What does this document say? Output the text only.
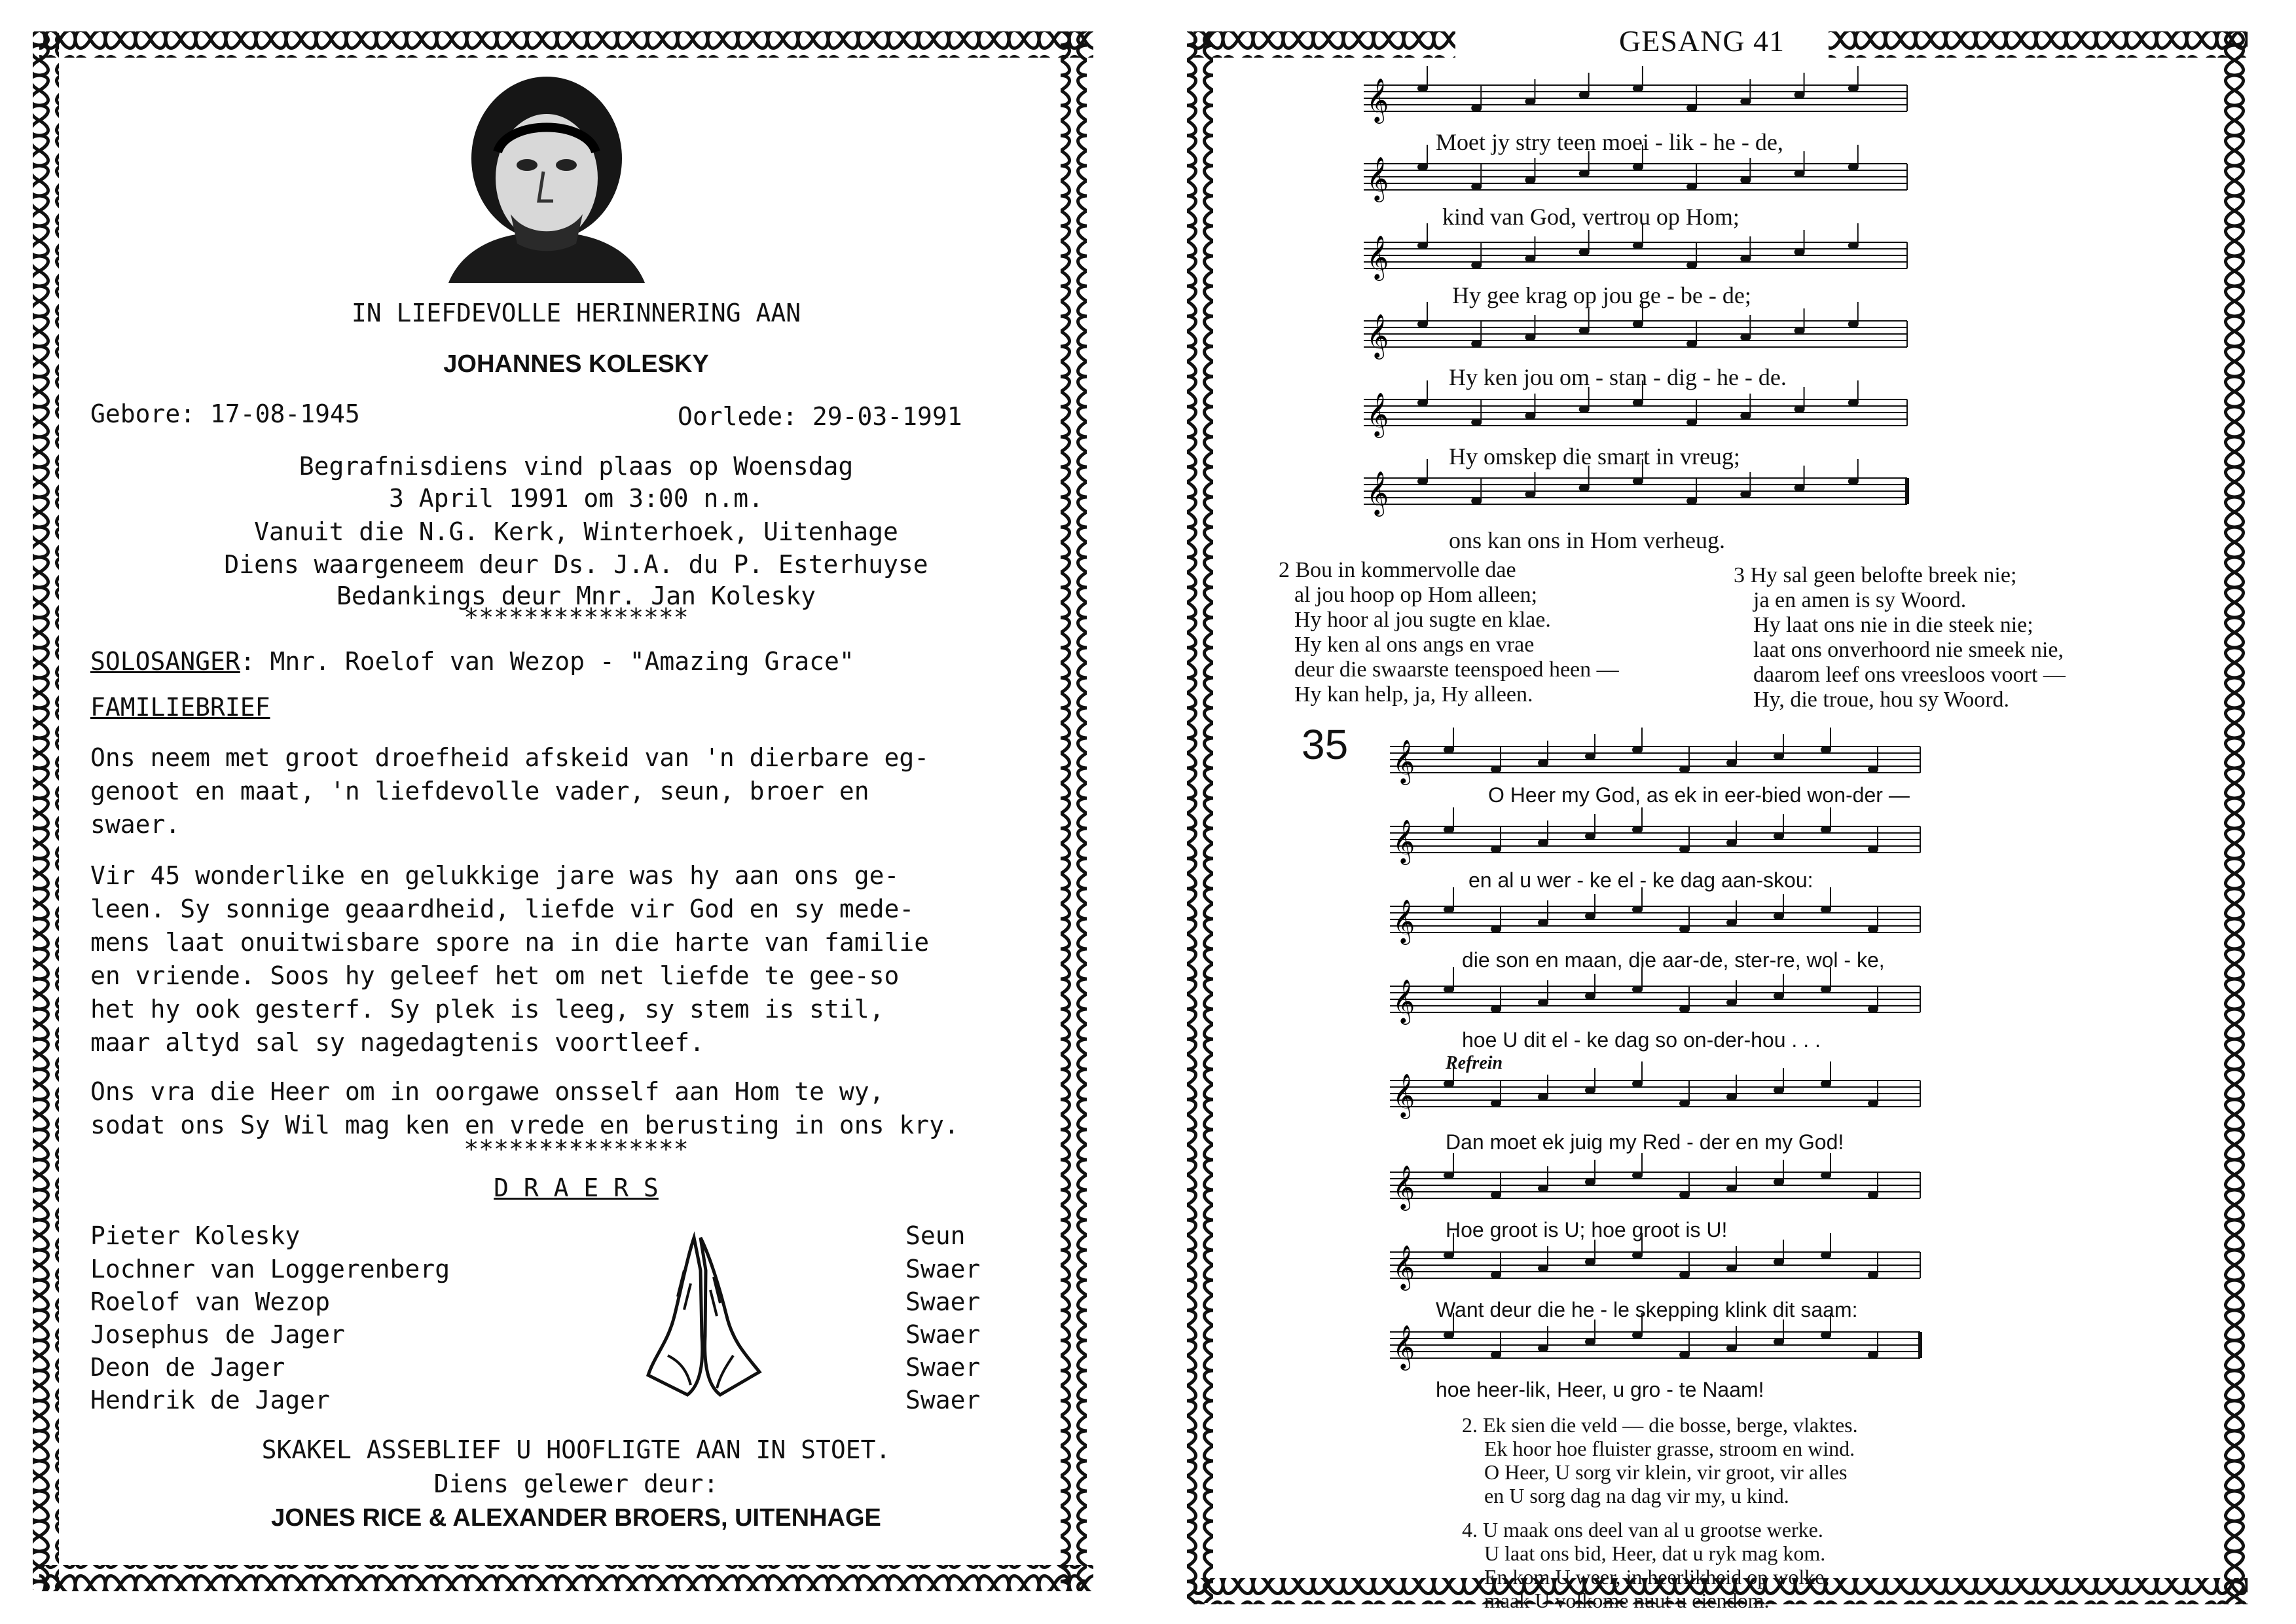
IN LIEFDEVOLLE HERINNERING AAN
JOHANNES KOLESKY
Gebore: 17-08-1945	Oorlede: 29-03-1991
Begrafnisdiens vind plaas op Woensdag
3 April 1991 om 3:00 n.m.
Vanuit die N.G. Kerk, Winterhoek, Uitenhage
Diens waargeneem deur Ds. J.A. du P. Esterhuyse
Bedankings deur Mnr. Jan Kolesky
***************
SOLOSANGER: Mnr. Roelof van Wezop - "Amazing Grace"
FAMILIEBRIEF
Ons neem met groot droefheid afskeid van 'n dierbare eg-
genoot en maat, 'n liefdevolle vader, seun, broer en
swaer.
Vir 45 wonderlike en gelukkige jare was hy aan ons ge-
leen. Sy sonnige geaardheid, liefde vir God en sy mede-
mens laat onuitwisbare spore na in die harte van familie
en vriende. Soos hy geleef het om net liefde te gee-so
het hy ook gesterf. Sy plek is leeg, sy stem is stil,
maar altyd sal sy nagedagtenis voortleef.
Ons vra die Heer om in oorgawe onsself aan Hom te wy,
sodat ons Sy Wil mag ken en vrede en berusting in ons kry.
***************
D R A E R S
Pieter Kolesky	Seun
Lochner van Loggerenberg	Swaer
Roelof van Wezop	Swaer
Josephus de Jager	Swaer
Deon de Jager	Swaer
Hendrik de Jager	Swaer
SKAKEL ASSEBLIEF U HOOFLIGTE AAN IN STOET.
Diens gelewer deur:
JONES RICE & ALEXANDER BROERS, UITENHAGE
GESANG 41
𝄞
𝄞
𝄞
𝄞
𝄞
𝄞
𝄞
𝄞
𝄞
𝄞
𝄞
𝄞
𝄞
𝄞
Moet jy stry teen moei - lik - he - de,
kind van God, vertrou op Hom;
Hy gee krag op jou ge - be - de;
Hy ken jou om - stan - dig - he - de.
Hy omskep die smart in vreug;
ons kan ons in Hom verheug.
2 Bou in kommervolle dae
al jou hoop op Hom alleen;
Hy hoor al jou sugte en klae.
Hy ken al ons angs en vrae
deur die swaarste teenspoed heen —
Hy kan help, ja, Hy alleen.
3 Hy sal geen belofte breek nie;
ja en amen is sy Woord.
Hy laat ons nie in die steek nie;
laat ons onverhoord nie smeek nie,
daarom leef ons vreesloos voort —
Hy, die troue, hou sy Woord.
35
Refrein
O Heer my God, as ek in eer-bied won-der —
en al u wer - ke el - ke dag aan-skou:
die son en maan, die aar-de, ster-re, wol - ke,
hoe U dit el - ke dag so on-der-hou . . .
Dan moet ek juig my Red - der en my God!
Hoe groot is U; hoe groot is U!
Want deur die he - le skepping klink dit saam:
hoe heer-lik, Heer, u gro - te Naam!
2. Ek sien die veld — die bosse, berge, vlaktes.
Ek hoor hoe fluister grasse, stroom en wind.
O Heer, U sorg vir klein, vir groot, vir alles
en U sorg dag na dag vir my, u kind.
4. U maak ons deel van al u grootse werke.
U laat ons bid, Heer, dat u ryk mag kom.
En kom U weer, in heerlikheid op wolke,
maak U volkome nuut u eiendom.
